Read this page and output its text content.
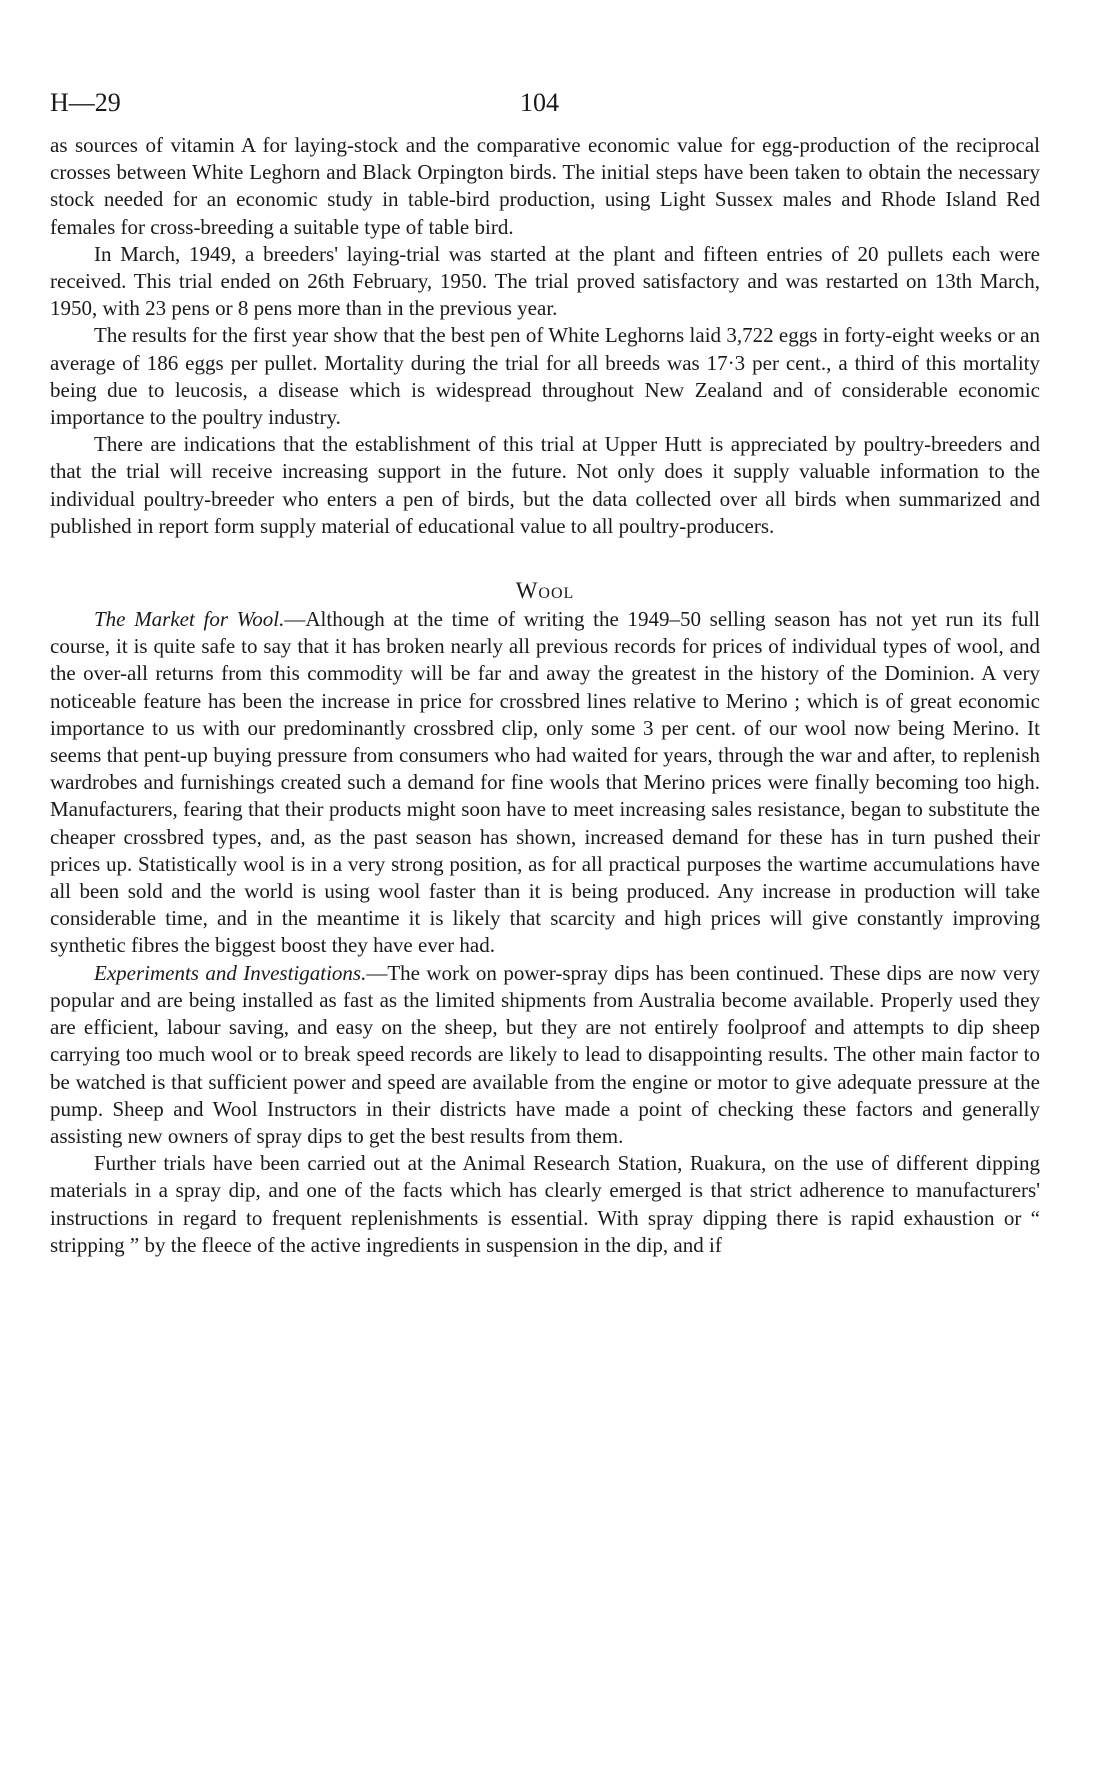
H—29	104

as sources of vitamin A for laying-stock and the comparative economic value for egg-production of the reciprocal crosses between White Leghorn and Black Orpington birds. The initial steps have been taken to obtain the necessary stock needed for an economic study in table-bird production, using Light Sussex males and Rhode Island Red females for cross-breeding a suitable type of table bird.

In March, 1949, a breeders' laying-trial was started at the plant and fifteen entries of 20 pullets each were received. This trial ended on 26th February, 1950. The trial proved satisfactory and was restarted on 13th March, 1950, with 23 pens or 8 pens more than in the previous year.

The results for the first year show that the best pen of White Leghorns laid 3,722 eggs in forty-eight weeks or an average of 186 eggs per pullet. Mortality during the trial for all breeds was 17·3 per cent., a third of this mortality being due to leucosis, a disease which is widespread throughout New Zealand and of considerable economic importance to the poultry industry.

There are indications that the establishment of this trial at Upper Hutt is appreciated by poultry-breeders and that the trial will receive increasing support in the future. Not only does it supply valuable information to the individual poultry-breeder who enters a pen of birds, but the data collected over all birds when summarized and published in report form supply material of educational value to all poultry-producers.

Wool

The Market for Wool.—Although at the time of writing the 1949–50 selling season has not yet run its full course, it is quite safe to say that it has broken nearly all previous records for prices of individual types of wool, and the over-all returns from this commodity will be far and away the greatest in the history of the Dominion. A very noticeable feature has been the increase in price for crossbred lines relative to Merino ; which is of great economic importance to us with our predominantly crossbred clip, only some 3 per cent. of our wool now being Merino. It seems that pent-up buying pressure from consumers who had waited for years, through the war and after, to replenish wardrobes and furnishings created such a demand for fine wools that Merino prices were finally becoming too high. Manufacturers, fearing that their products might soon have to meet increasing sales resistance, began to substitute the cheaper crossbred types, and, as the past season has shown, increased demand for these has in turn pushed their prices up. Statistically wool is in a very strong position, as for all practical purposes the wartime accumulations have all been sold and the world is using wool faster than it is being produced. Any increase in production will take considerable time, and in the meantime it is likely that scarcity and high prices will give constantly improving synthetic fibres the biggest boost they have ever had.

Experiments and Investigations.—The work on power-spray dips has been continued. These dips are now very popular and are being installed as fast as the limited shipments from Australia become available. Properly used they are efficient, labour saving, and easy on the sheep, but they are not entirely foolproof and attempts to dip sheep carrying too much wool or to break speed records are likely to lead to disappointing results. The other main factor to be watched is that sufficient power and speed are available from the engine or motor to give adequate pressure at the pump. Sheep and Wool Instructors in their districts have made a point of checking these factors and generally assisting new owners of spray dips to get the best results from them.

Further trials have been carried out at the Animal Research Station, Ruakura, on the use of different dipping materials in a spray dip, and one of the facts which has clearly emerged is that strict adherence to manufacturers' instructions in regard to frequent replenishments is essential. With spray dipping there is rapid exhaustion or “ stripping ” by the fleece of the active ingredients in suspension in the dip, and if
